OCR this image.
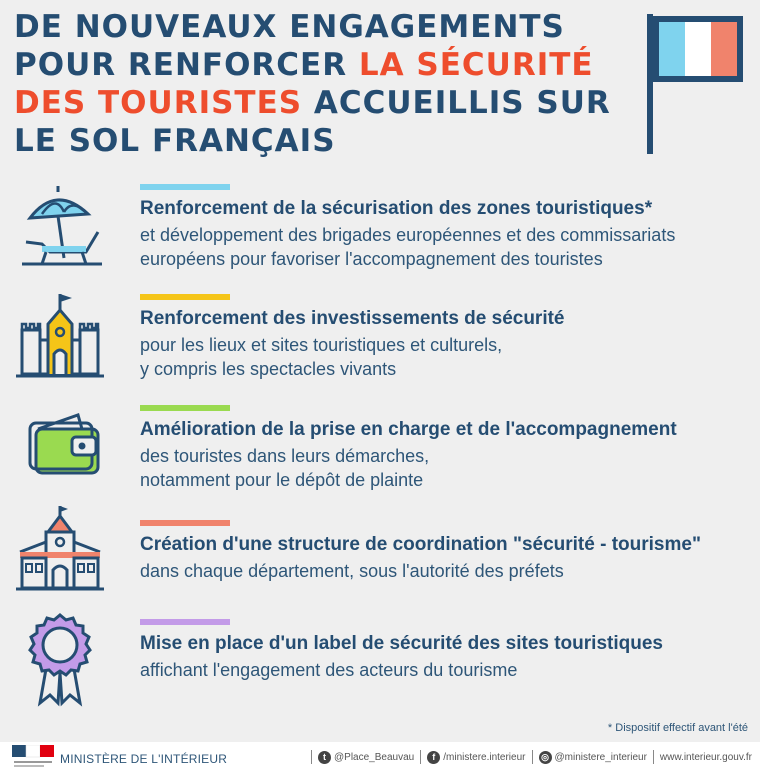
DE NOUVEAUX ENGAGEMENTS POUR RENFORCER LA SÉCURITÉ DES TOURISTES ACCUEILLIS SUR LE SOL FRANÇAIS
Renforcement de la sécurisation des zones touristiques*
et développement des brigades européennes et des commissariats
européens pour favoriser l'accompagnement des touristes
Renforcement des investissements de sécurité
pour les lieux et sites touristiques et culturels,
y compris les spectacles vivants
Amélioration de la prise en charge et de l'accompagnement
des touristes dans leurs démarches,
notamment pour le dépôt de plainte
Création d'une structure de coordination "sécurité - tourisme"
dans chaque département, sous l'autorité des préfets
Mise en place d'un label de sécurité des sites touristiques
affichant l'engagement des acteurs du tourisme
* Dispositif effectif avant l'été
MINISTÈRE DE L'INTÉRIEUR	t @Place_Beauvau	f /ministere.interieur ◎ @ministere_interieur www.interieur.gouv.fr
